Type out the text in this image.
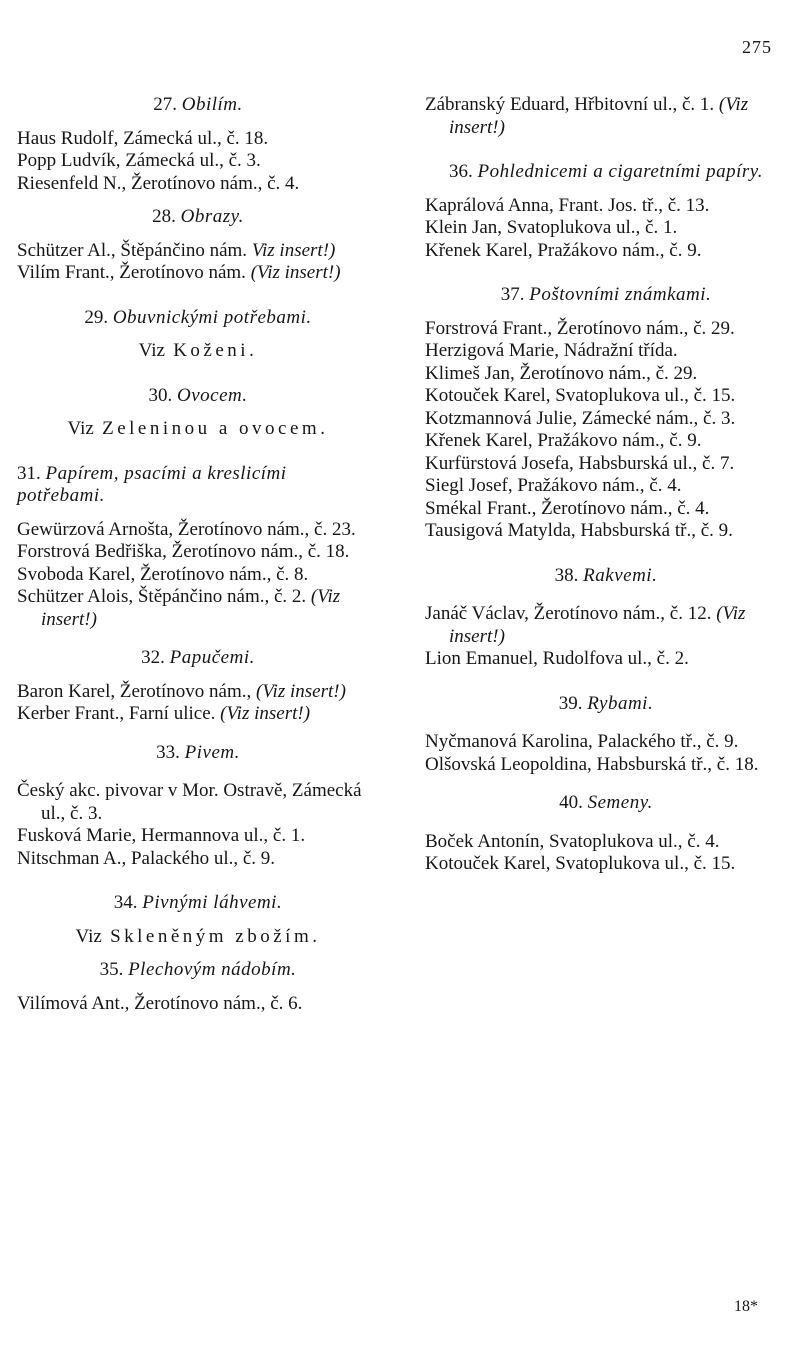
275

27. Obilím.

Haus Rudolf, Zámecká ul., č. 18.

Popp Ludvík, Zámecká ul., č. 3.

Riesenfeld N., Žerotínovo nám., č. 4.

28. Obrazy.

Schützer Al., Štěpánčino nám. Viz insert!)

Vilím Frant., Žerotínovo nám. (Viz insert!)

29. Obuvnickými potřebami.

Viz Koženi.

30. Ovocem.

Viz Zeleninou a ovocem.

31. Papírem, psacími a kreslicími potřebami.

Gewürzová Arnošta, Žerotínovo nám., č. 23.

Forstrová Bedřiška, Žerotínovo nám., č. 18.

Svoboda Karel, Žerotínovo nám., č. 8.

Schützer Alois, Štěpánčino nám., č. 2. (Viz insert!)

32. Papučemi.

Baron Karel, Žerotínovo nám., (Viz insert!)

Kerber Frant., Farní ulice. (Viz insert!)

33. Pivem.

Český akc. pivovar v Mor. Ostravě, Zámecká ul., č. 3.

Fusková Marie, Hermannova ul., č. 1.

Nitschman A., Palackého ul., č. 9.

34. Pivnými láhvemi.

Viz Skleněným zbožím.

35. Plechovým nádobím.

Vilímová Ant., Žerotínovo nám., č. 6.

Zábranský Eduard, Hřbitovní ul., č. 1. (Viz insert!)

36. Pohlednicemi a cigaretními papíry.

Kaprálová Anna, Frant. Jos. tř., č. 13.

Klein Jan, Svatoplukova ul., č. 1.

Křenek Karel, Pražákovo nám., č. 9.

37. Poštovními známkami.

Forstrová Frant., Žerotínovo nám., č. 29.

Herzigová Marie, Nádražní třída.

Klimeš Jan, Žerotínovo nám., č. 29.

Kotouček Karel, Svatoplukova ul., č. 15.

Kotzmannová Julie, Zámecké nám., č. 3.

Křenek Karel, Pražákovo nám., č. 9.

Kurfürstová Josefa, Habsburská ul., č. 7.

Siegl Josef, Pražákovo nám., č. 4.

Smékal Frant., Žerotínovo nám., č. 4.

Tausigová Matylda, Habsburská tř., č. 9.

38. Rakvemi.

Janáč Václav, Žerotínovo nám., č. 12. (Viz insert!)

Lion Emanuel, Rudolfova ul., č. 2.

39. Rybami.

Nyčmanová Karolina, Palackého tř., č. 9.

Olšovská Leopoldina, Habsburská tř., č. 18.

40. Semeny.

Boček Antonín, Svatoplukova ul., č. 4.

Kotouček Karel, Svatoplukova ul., č. 15.

18*
